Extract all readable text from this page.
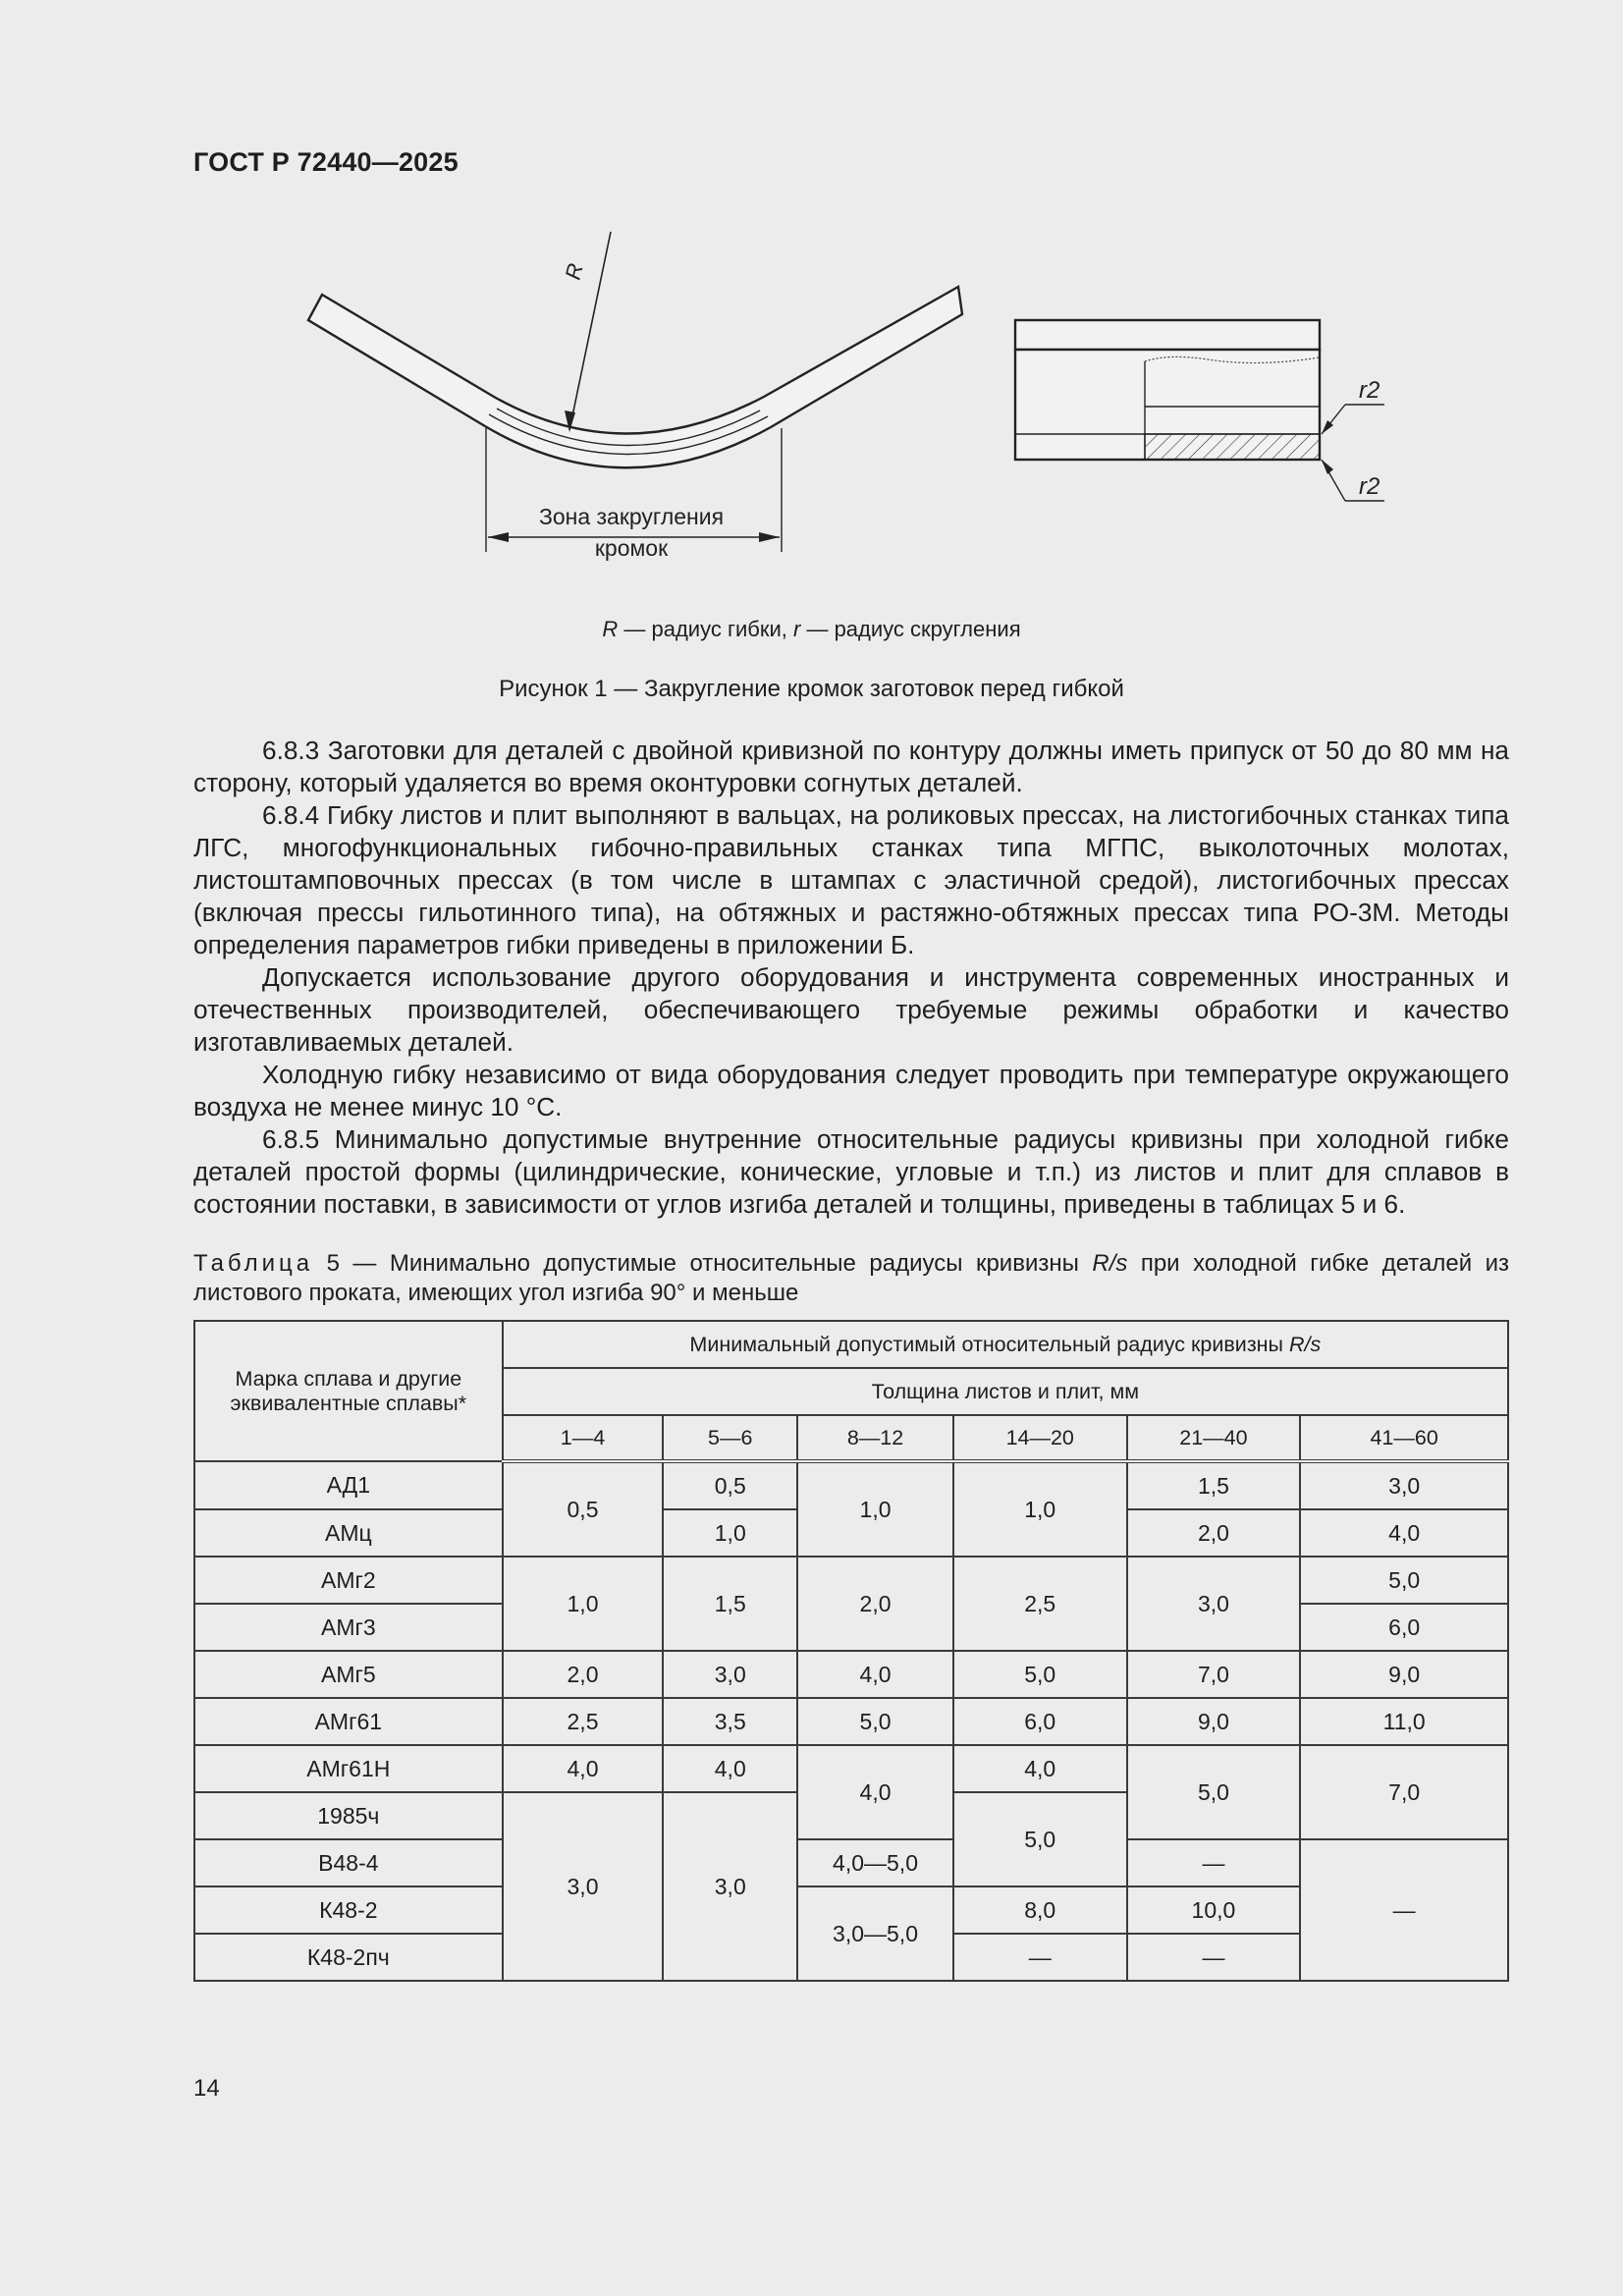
ГОСТ Р 72440—2025
R
Зона закругления
кромок
r2
r2
R — радиус гибки, r — радиус скругления
Рисунок 1 — Закругление кромок заготовок перед гибкой

6.8.3 Заготовки для деталей с двойной кривизной по контуру должны иметь припуск от 50 до 80 мм на сторону, который удаляется во время оконтуровки согнутых деталей.

6.8.4 Гибку листов и плит выполняют в вальцах, на роликовых прессах, на листогибочных станках типа ЛГС, многофункциональных гибочно-правильных станках типа МГПС, выколоточных молотах, листоштамповочных прессах (в том числе в штампах с эластичной средой), листогибочных прессах (включая прессы гильотинного типа), на обтяжных и растяжно-обтяжных прессах типа РО-3М. Методы определения параметров гибки приведены в приложении Б.

Допускается использование другого оборудования и инструмента современных иностранных и отечественных производителей, обеспечивающего требуемые режимы обработки и качество изготавливаемых деталей.

Холодную гибку независимо от вида оборудования следует проводить при температуре окружающего воздуха не менее минус 10 °С.

6.8.5 Минимально допустимые внутренние относительные радиусы кривизны при холодной гибке деталей простой формы (цилиндрические, конические, угловые и т.п.) из листов и плит для сплавов в состоянии поставки, в зависимости от углов изгиба деталей и толщины, приведены в таблицах 5 и 6.

Таблица 5 — Минимально допустимые относительные радиусы кривизны R/s при холодной гибке деталей из листового проката, имеющих угол изгиба 90° и меньше
Марка сплава и другие эквивалентные сплавы*	Минимальный допустимый относительный радиус кривизны R/s					
	Толщина листов и плит, мм					
	1—4	5—6	8—12	14—20	21—40	41—60
АД1	0,5	0,5	1,0	1,0	1,5	3,0
АМц		1,0			2,0	4,0
АМг2	1,0	1,5	2,0	2,5	3,0	5,0
АМг3						6,0
АМг5	2,0	3,0	4,0	5,0	7,0	9,0
АМг61	2,5	3,5	5,0	6,0	9,0	11,0
АМг61Н	4,0	4,0	4,0	4,0	5,0	7,0
1985ч	3,0	3,0		5,0		
В48-4			4,0—5,0		—	—
К48-2			3,0—5,0	8,0	10,0	
К48-2пч				—	—	
14
